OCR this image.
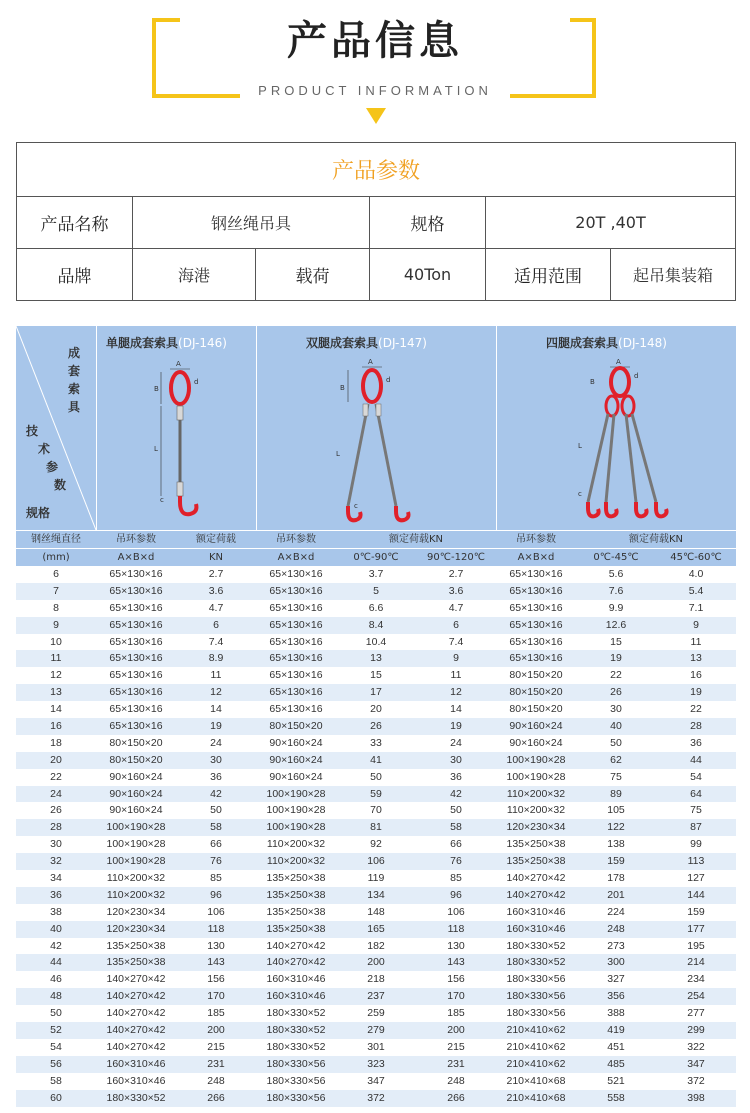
产品信息
PRODUCT INFORMATION
产品参数					
产品名称	钢丝绳吊具		规格	20T ,40T	
品牌	海港	载荷	40Ton	适用范围	起吊集装箱
成
套
索
具
技
术
参
数
规格
单腿成套索具(DJ-146)
A
d
B
L
c
双腿成套索具(DJ-147)
A
d
B
L
c
四腿成套索具(DJ-148)
A
d
B
L
c
钢丝绳直径	吊环参数	额定荷载	吊环参数	额定荷载KN	吊环参数	额定荷载KN
(mm)	A×B×d	KN	A×B×d	0℃-90℃	90℃-120℃	A×B×d	0℃-45℃	45℃-60℃
6	65×130×16	2.7	65×130×16	3.7	2.7	65×130×16	5.6	4.0
7	65×130×16	3.6	65×130×16	5	3.6	65×130×16	7.6	5.4
8	65×130×16	4.7	65×130×16	6.6	4.7	65×130×16	9.9	7.1
9	65×130×16	6	65×130×16	8.4	6	65×130×16	12.6	9
10	65×130×16	7.4	65×130×16	10.4	7.4	65×130×16	15	11
11	65×130×16	8.9	65×130×16	13	9	65×130×16	19	13
12	65×130×16	11	65×130×16	15	11	80×150×20	22	16
13	65×130×16	12	65×130×16	17	12	80×150×20	26	19
14	65×130×16	14	65×130×16	20	14	80×150×20	30	22
16	65×130×16	19	80×150×20	26	19	90×160×24	40	28
18	80×150×20	24	90×160×24	33	24	90×160×24	50	36
20	80×150×20	30	90×160×24	41	30	100×190×28	62	44
22	90×160×24	36	90×160×24	50	36	100×190×28	75	54
24	90×160×24	42	100×190×28	59	42	110×200×32	89	64
26	90×160×24	50	100×190×28	70	50	110×200×32	105	75
28	100×190×28	58	100×190×28	81	58	120×230×34	122	87
30	100×190×28	66	110×200×32	92	66	135×250×38	138	99
32	100×190×28	76	110×200×32	106	76	135×250×38	159	113
34	110×200×32	85	135×250×38	119	85	140×270×42	178	127
36	110×200×32	96	135×250×38	134	96	140×270×42	201	144
38	120×230×34	106	135×250×38	148	106	160×310×46	224	159
40	120×230×34	118	135×250×38	165	118	160×310×46	248	177
42	135×250×38	130	140×270×42	182	130	180×330×52	273	195
44	135×250×38	143	140×270×42	200	143	180×330×52	300	214
46	140×270×42	156	160×310×46	218	156	180×330×56	327	234
48	140×270×42	170	160×310×46	237	170	180×330×56	356	254
50	140×270×42	185	180×330×52	259	185	180×330×56	388	277
52	140×270×42	200	180×330×52	279	200	210×410×62	419	299
54	140×270×42	215	180×330×52	301	215	210×410×62	451	322
56	160×310×46	231	180×330×56	323	231	210×410×62	485	347
58	160×310×46	248	180×330×56	347	248	210×410×68	521	372
60	180×330×52	266	180×330×56	372	266	210×410×68	558	398
